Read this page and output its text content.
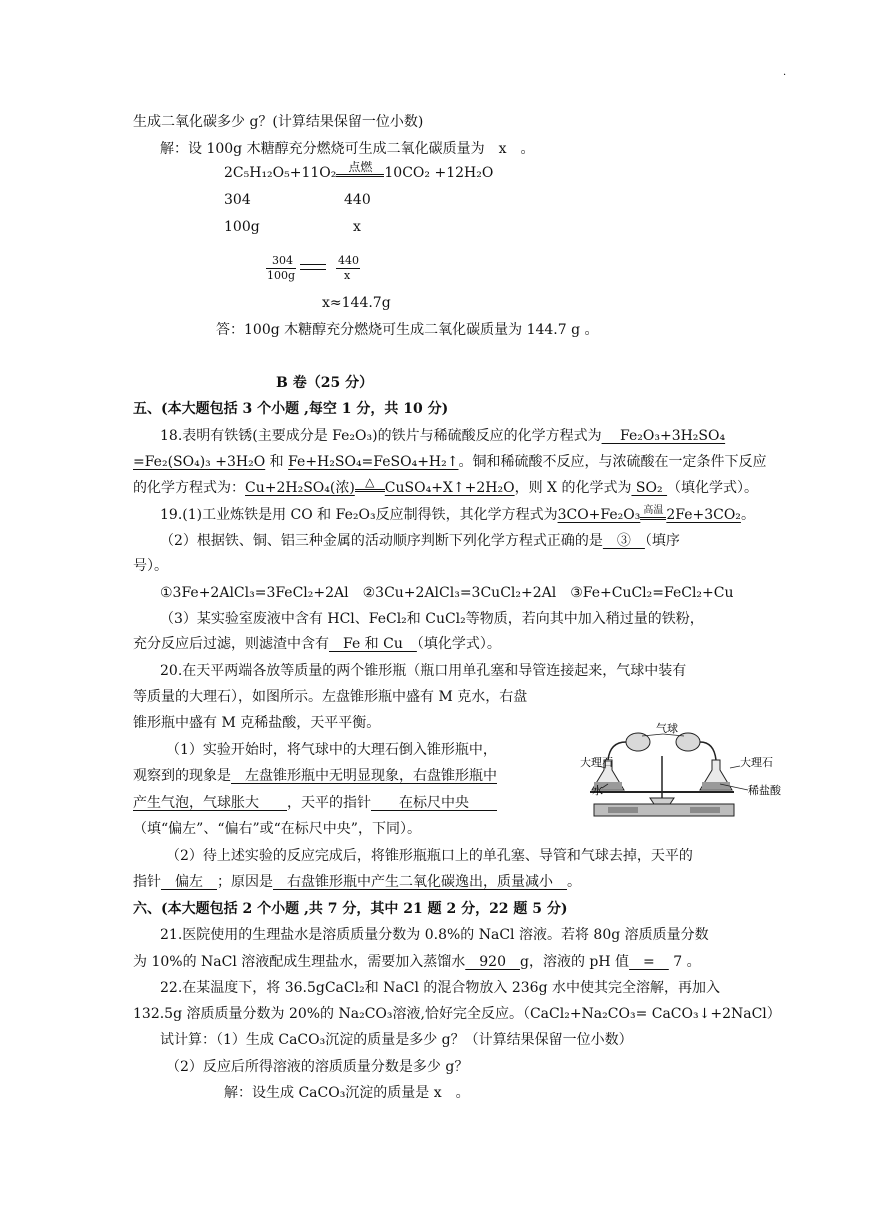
·
生成二氧化碳多少 g？(计算结果保留一位小数)
解：设 100g 木糖醇充分燃烧可生成二氧化碳质量为　x　。
2C₅H₁₂O₅+11O₂ 点燃 10CO₂ +12H₂O
304	440
100g	x
304
100g
440
x
x≈144.7g
答：100g 木糖醇充分燃烧可生成二氧化碳质量为 144.7 g 。
B 卷（25 分）
五、(本大题包括 3 个小题 ,每空 1 分，共 10 分)
18.表明有铁锈(主要成分是 Fe₂O₃)的铁片与稀硫酸反应的化学方程式为　 Fe₂O₃+3H₂SO₄
=Fe₂(SO₄)₃ +3H₂O 和 Fe+H₂SO₄=FeSO₄+H₂↑。铜和稀硫酸不反应，与浓硫酸在一定条件下反应
的化学方程式为：Cu+2H₂SO₄(浓) △ CuSO₄+X↑+2H₂O，则 X 的化学式为 SO₂ （填化学式）。
19.(1)工业炼铁是用 CO 和 Fe₂O₃反应制得铁，其化学方程式为3CO+Fe₂O₃ 高温 2Fe+3CO₂。
（2）根据铁、铜、铝三种金属的活动顺序判断下列化学方程式正确的是　③　（填序
号）。
①3Fe+2AlCl₃=3FeCl₂+2Al　②3Cu+2AlCl₃=3CuCl₂+2Al　③Fe+CuCl₂=FeCl₂+Cu
（3）某实验室废液中含有 HCl、FeCl₂和 CuCl₂等物质，若向其中加入稍过量的铁粉，
充分反应后过滤，则滤渣中含有　Fe 和 Cu　（填化学式）。
20.在天平两端各放等质量的两个锥形瓶（瓶口用单孔塞和导管连接起来，气球中装有
等质量的大理石），如图所示。左盘锥形瓶中盛有 M 克水，右盘
锥形瓶中盛有 M 克稀盐酸，天平平衡。
（1）实验开始时，将气球中的大理石倒入锥形瓶中，
观察到的现象是　左盘锥形瓶中无明显现象，右盘锥形瓶中
产生气泡，气球胀大　　，天平的指针　　在标尺中央　　
（填“偏左”、“偏右”或“在标尺中央”，下同）。
（2）待上述实验的反应完成后，将锥形瓶瓶口上的单孔塞、导管和气球去掉，天平的
指针　偏左　；原因是　右盘锥形瓶中产生二氧化碳逸出，质量减小　。
气球
大理石	大理石
水	稀盐酸
六、(本大题包括 2 个小题 ,共 7 分，其中 21 题 2 分，22 题 5 分)
21.医院使用的生理盐水是溶质质量分数为 0.8%的 NaCl 溶液。若将 80g 溶质质量分数
为 10%的 NaCl 溶液配成生理盐水，需要加入蒸馏水　920　g，溶液的 pH 值　=　 7 。
22.在某温度下，将 36.5gCaCl₂和 NaCl 的混合物放入 236g 水中使其完全溶解，再加入
132.5g 溶质质量分数为 20%的 Na₂CO₃溶液,恰好完全反应。（CaCl₂+Na₂CO₃= CaCO₃↓+2NaCl）
试计算：（1）生成 CaCO₃沉淀的质量是多少 g？（计算结果保留一位小数）
（2）反应后所得溶液的溶质质量分数是多少 g？
解：设生成 CaCO₃沉淀的质量是 x　。
